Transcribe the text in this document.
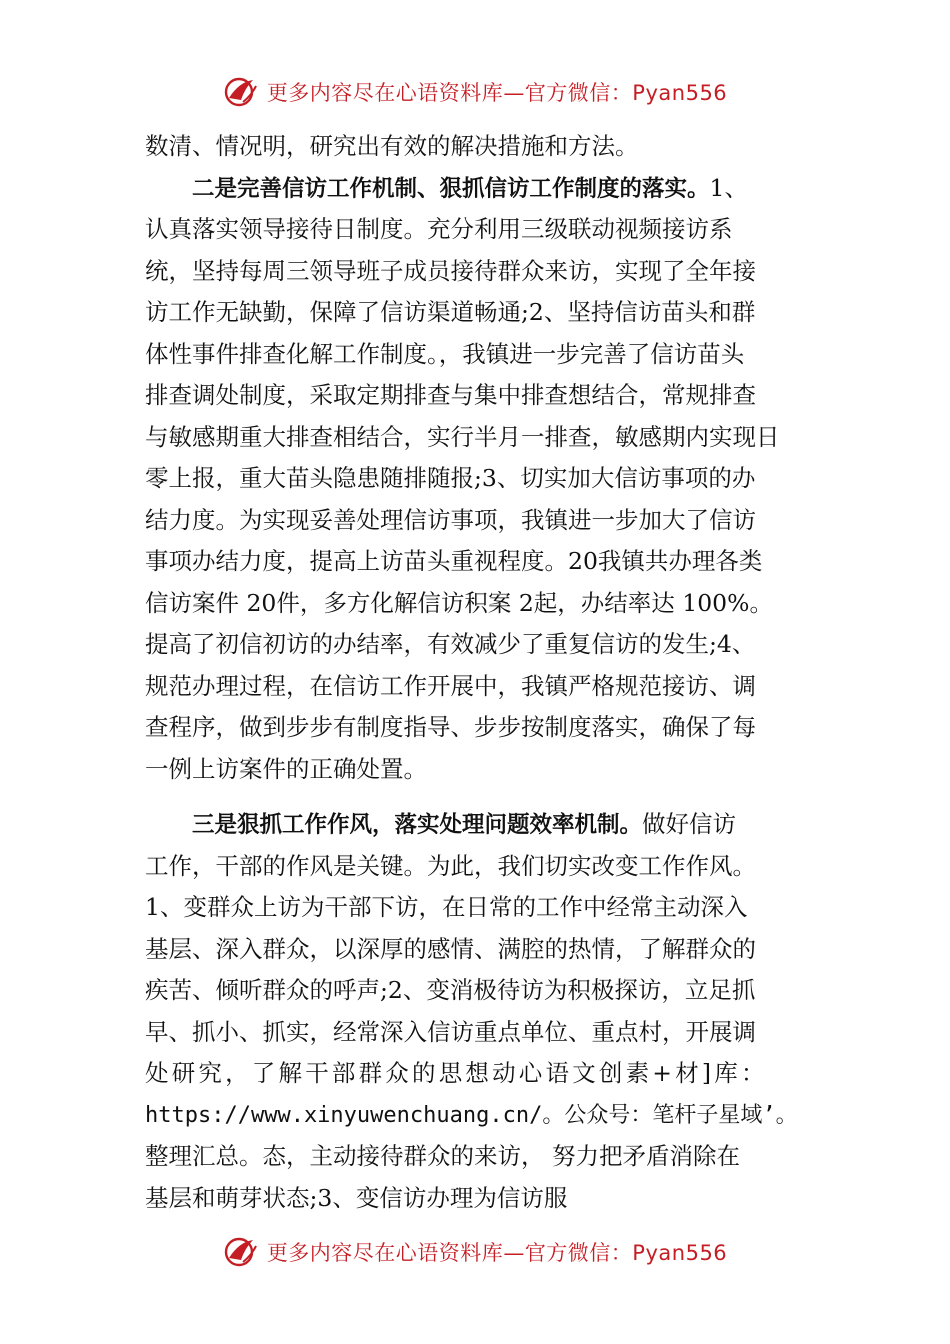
更多内容尽在心语资料库—官方微信：Pyan556
数清、情况明，研究出有效的解决措施和方法。
二是完善信访工作机制、狠抓信访工作制度的落实。1、
认真落实领导接待日制度。充分利用三级联动视频接访系
统，坚持每周三领导班子成员接待群众来访，实现了全年接
访工作无缺勤，保障了信访渠道畅通;2、坚持信访苗头和群
体性事件排查化解工作制度。，我镇进一步完善了信访苗头
排查调处制度，采取定期排查与集中排查想结合，常规排查
与敏感期重大排查相结合，实行半月一排查，敏感期内实现日
零上报，重大苗头隐患随排随报;3、切实加大信访事项的办
结力度。为实现妥善处理信访事项，我镇进一步加大了信访
事项办结力度，提高上访苗头重视程度。20我镇共办理各类
信访案件 20件，多方化解信访积案 2起，办结率达 100%。
提高了初信初访的办结率，有效减少了重复信访的发生;4、
规范办理过程，在信访工作开展中，我镇严格规范接访、调
查程序，做到步步有制度指导、步步按制度落实，确保了每
一例上访案件的正确处置。
三是狠抓工作作风，落实处理问题效率机制。做好信访
工作，干部的作风是关键。为此，我们切实改变工作作风。
1、变群众上访为干部下访，在日常的工作中经常主动深入
基层、深入群众，以深厚的感情、满腔的热情，了解群众的
疾苦、倾听群众的呼声;2、变消极待访为积极探访，立足抓
早、抓小、抓实，经常深入信访重点单位、重点村，开展调
处研究，了解干部群众的思想动心语文创素+材]库：
https://www.xinyuwenchuang.cn/。公众号：笔杆子星域’。
整理汇总。态，主动接待群众的来访， 努力把矛盾消除在
基层和萌芽状态;3、变信访办理为信访服
更多内容尽在心语资料库—官方微信：Pyan556
